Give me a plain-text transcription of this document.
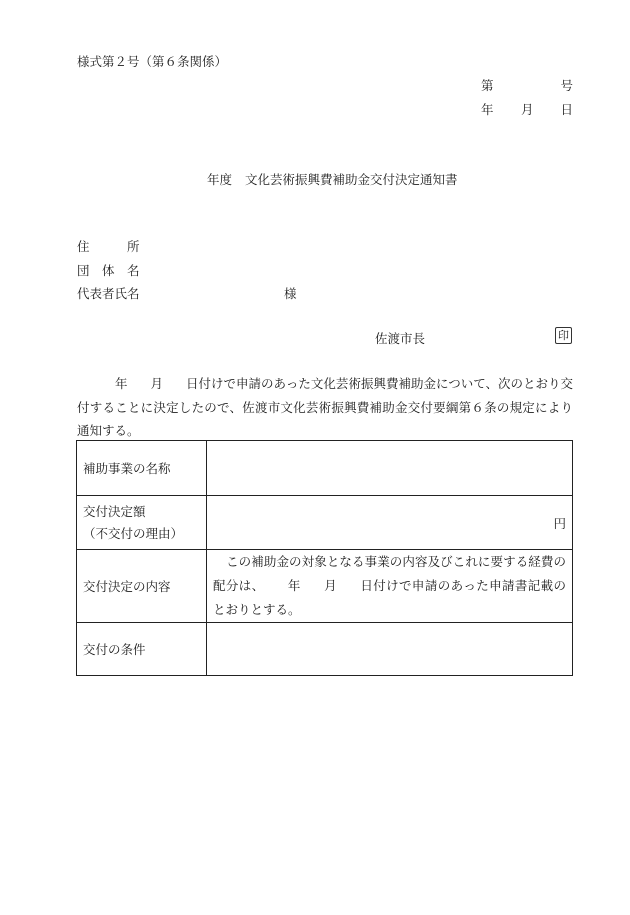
様式第２号（第６条関係）
第	号
年 月 日
年度 文化芸術振興費補助金交付決定通知書
住　　　所
団　体　名
代表者氏名	様
佐渡市長	印
年 月 日付けで申請のあった文化芸術振興費補助金について、次のとおり交付することに決定したので、佐渡市文化芸術振興費補助金交付要綱第６条の規定により通知する。
補助事業の名称	

交付決定額
（不交付の理由）	円
交付決定の内容	この補助金の対象となる事業の内容及びこれに要する経費の配分は、 年 月 日付けで申請のあった申請書記載のとおりとする。
交付の条件	
